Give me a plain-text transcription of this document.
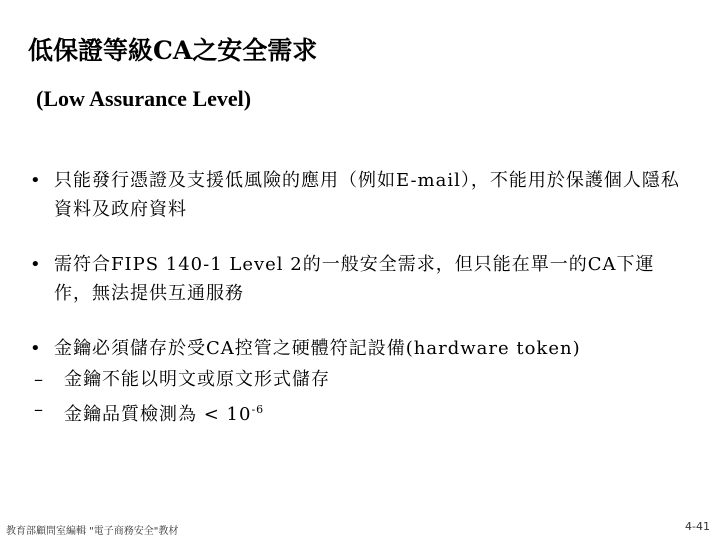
低保證等級CA之安全需求
(Low Assurance Level)
• 只能發行憑證及支援低風險的應用（例如E-mail），不能用於保護個人隱私資料及政府資料
• 需符合FIPS 140-1 Level 2的一般安全需求，但只能在單一的CA下運作，無法提供互通服務
• 金鑰必須儲存於受CA控管之硬體符記設備(hardware token)
– 金鑰不能以明文或原文形式儲存
– 金鑰品質檢測為 < $10^{-6}$
教育部顧問室編輯 "電子商務安全"教材	4-41
